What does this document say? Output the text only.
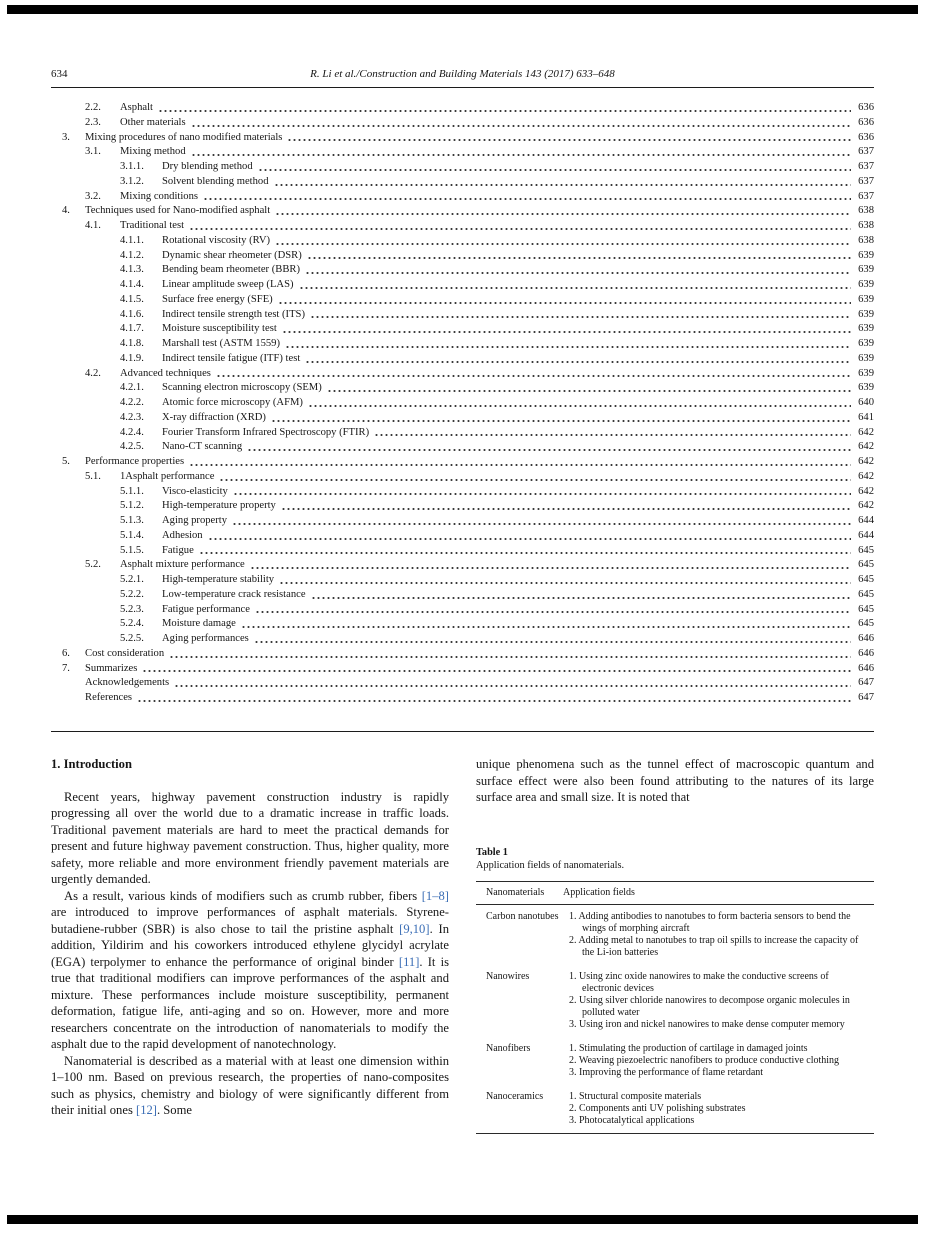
634	R. Li et al./Construction and Building Materials 143 (2017) 633–648
2.2.	Asphalt	636
2.3.	Other materials	636
3.	Mixing procedures of nano modified materials	636
3.1.	Mixing method	637
3.1.1.	Dry blending method	637
3.1.2.	Solvent blending method	637
3.2.	Mixing conditions	637
4.	Techniques used for Nano-modified asphalt	638
4.1.	Traditional test	638
4.1.1.	Rotational viscosity (RV)	638
4.1.2.	Dynamic shear rheometer (DSR)	639
4.1.3.	Bending beam rheometer (BBR)	639
4.1.4.	Linear amplitude sweep (LAS)	639
4.1.5.	Surface free energy (SFE)	639
4.1.6.	Indirect tensile strength test (ITS)	639
4.1.7.	Moisture susceptibility test	639
4.1.8.	Marshall test (ASTM 1559)	639
4.1.9.	Indirect tensile fatigue (ITF) test	639
4.2.	Advanced techniques	639
4.2.1.	Scanning electron microscopy (SEM)	639
4.2.2.	Atomic force microscopy (AFM)	640
4.2.3.	X-ray diffraction (XRD)	641
4.2.4.	Fourier Transform Infrared Spectroscopy (FTIR)	642
4.2.5.	Nano-CT scanning	642
5.	Performance properties	642
5.1.	1Asphalt performance	642
5.1.1.	Visco-elasticity	642
5.1.2.	High-temperature property	642
5.1.3.	Aging property	644
5.1.4.	Adhesion	644
5.1.5.	Fatigue	645
5.2.	Asphalt mixture performance	645
5.2.1.	High-temperature stability	645
5.2.2.	Low-temperature crack resistance	645
5.2.3.	Fatigue performance	645
5.2.4.	Moisture damage	645
5.2.5.	Aging performances	646
6.	Cost consideration	646
7.	Summarizes	646
Acknowledgements	647
References	647
1. Introduction

Recent years, highway pavement construction industry is rapidly progressing all over the world due to a dramatic increase in traffic loads. Traditional pavement materials are hard to meet the practical demands for present and future highway pavement construction. Thus, higher quality, more safety, more reliable and more environment friendly pavement materials are urgently demanded.

As a result, various kinds of modifiers such as crumb rubber, fibers [1–8] are introduced to improve performances of asphalt materials. Styrene-butadiene-rubber (SBR) is also chose to tail the pristine asphalt [9,10]. In addition, Yildirim and his coworkers introduced ethylene glycidyl acrylate (EGA) terpolymer to enhance the performance of original binder [11]. It is true that traditional modifiers can improve performances of the asphalt and mixture. These performances include moisture susceptibility, permanent deformation, fatigue life, anti-aging and so on. However, more and more researchers concentrate on the introduction of nanomaterials to modify the asphalt due to the rapid development of nanotechnology.

Nanomaterial is described as a material with at least one dimension within 1–100 nm. Based on previous research, the properties of nano-composites such as physics, chemistry and biology of were significantly different from their initial ones [12]. Some

unique phenomena such as the tunnel effect of macroscopic quantum and surface effect were also been found attributing to the natures of its large surface area and small size. It is noted that

Table 1
Application fields of nanomaterials.
Nanomaterials	Application fields
Carbon nanotubes	1. Adding antibodies to nanotubes to form bacteria sensors to bend the wings of morphing aircraft
2. Adding metal to nanotubes to trap oil spills to increase the capacity of the Li-ion batteries
Nanowires	1. Using zinc oxide nanowires to make the conductive screens of electronic devices
2. Using silver chloride nanowires to decompose organic molecules in polluted water
3. Using iron and nickel nanowires to make dense computer memory
Nanofibers	1. Stimulating the production of cartilage in damaged joints
2. Weaving piezoelectric nanofibers to produce conductive clothing
3. Improving the performance of flame retardant
Nanoceramics	1. Structural composite materials
2. Components anti UV polishing substrates
3. Photocatalytical applications
